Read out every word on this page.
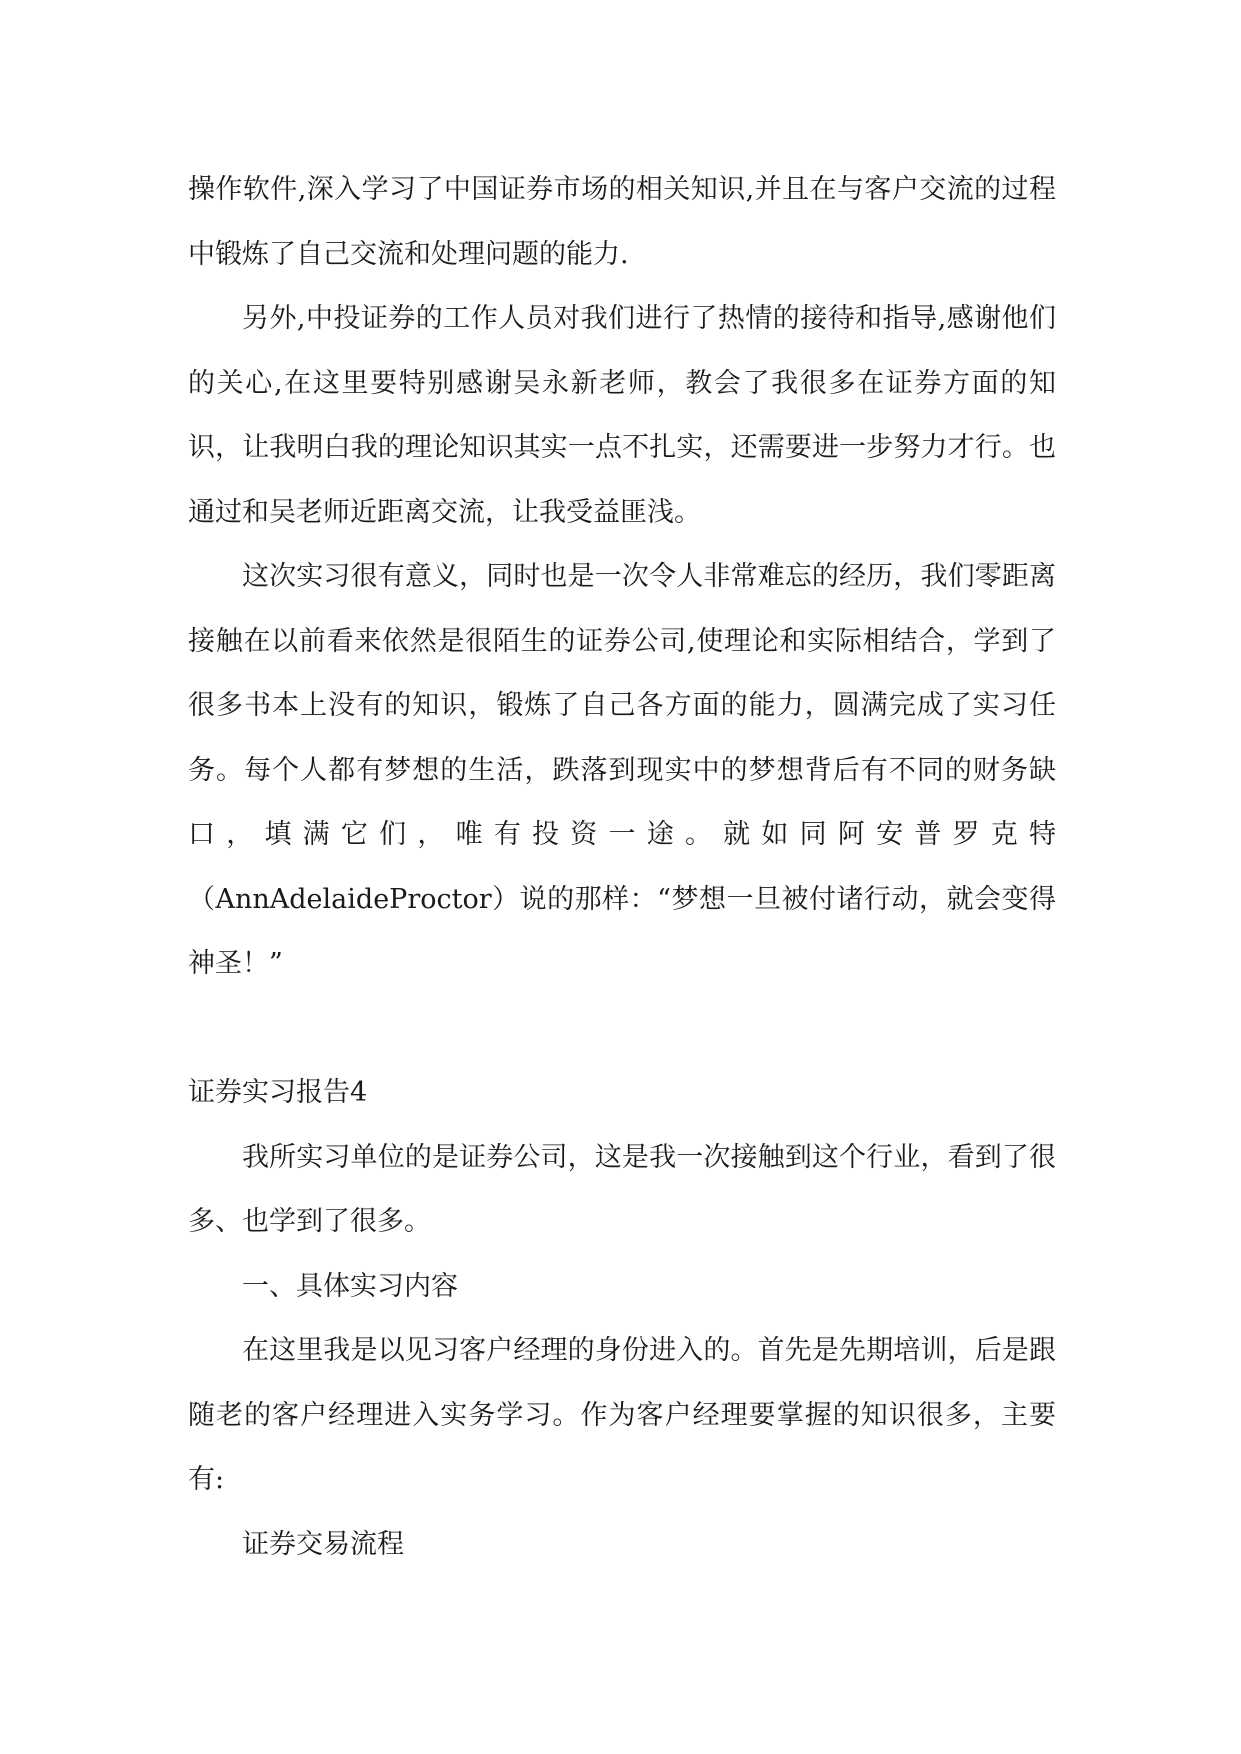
操作软件,深入学习了中国证券市场的相关知识,并且在与客户交流的过程中锻炼了自己交流和处理问题的能力.

另外,中投证券的工作人员对我们进行了热情的接待和指导,感谢他们的关心,在这里要特别感谢吴永新老师，教会了我很多在证券方面的知识，让我明白我的理论知识其实一点不扎实，还需要进一步努力才行。也通过和吴老师近距离交流，让我受益匪浅。

这次实习很有意义，同时也是一次令人非常难忘的经历，我们零距离接触在以前看来依然是很陌生的证券公司,使理论和实际相结合，学到了很多书本上没有的知识，锻炼了自己各方面的能力，圆满完成了实习任务。每个人都有梦想的生活，跌落到现实中的梦想背后有不同的财务缺口，填满它们，唯有投资一途。就如同阿安普罗克特（AnnAdelaideProctor）说的那样：“梦想一旦被付诸行动，就会变得神圣！”

证券实习报告4

我所实习单位的是证券公司，这是我一次接触到这个行业，看到了很多、也学到了很多。

一、具体实习内容

在这里我是以见习客户经理的身份进入的。首先是先期培训，后是跟随老的客户经理进入实务学习。作为客户经理要掌握的知识很多，主要有:

证券交易流程
